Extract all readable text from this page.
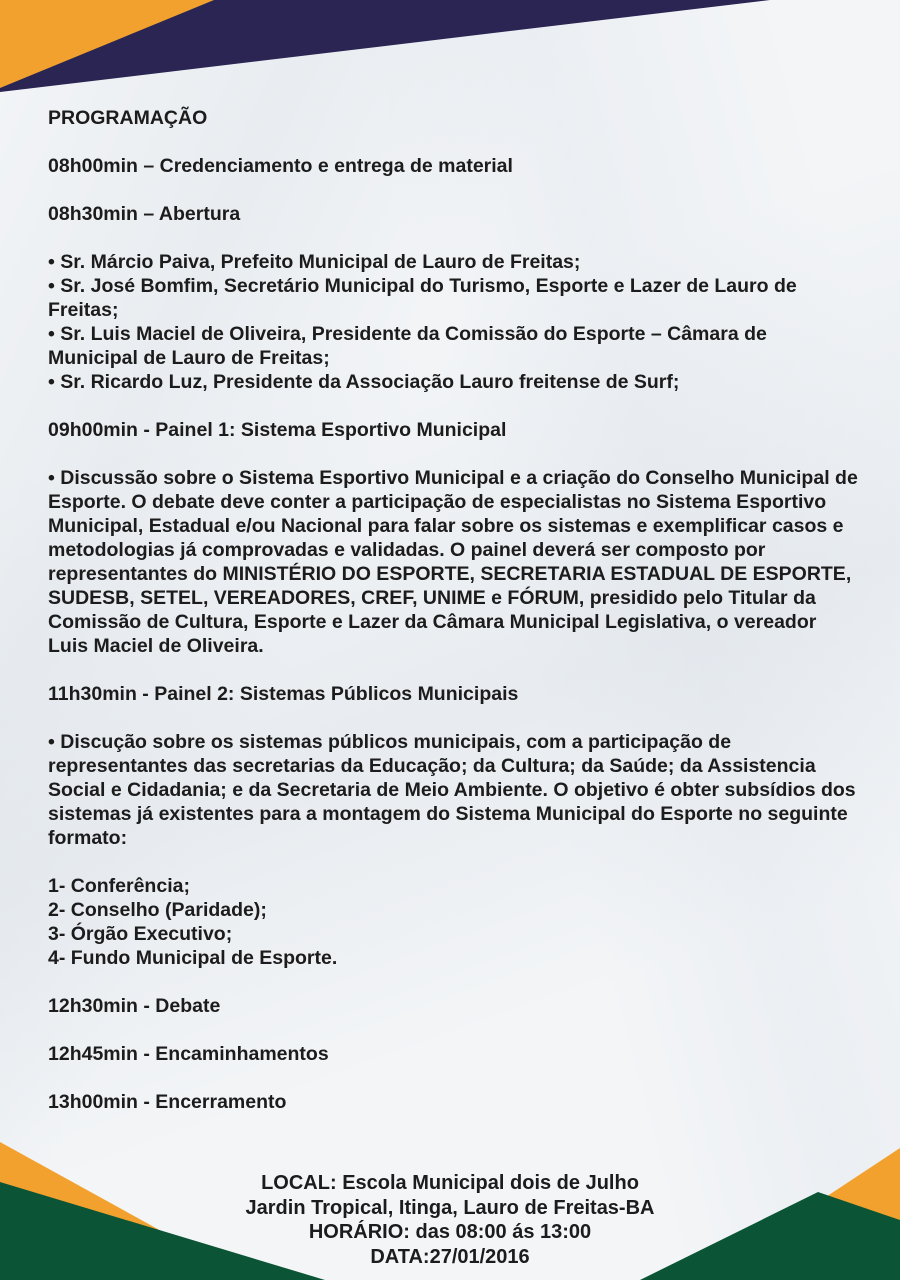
PROGRAMAÇÃO

08h00min – Credenciamento e entrega de material

08h30min – Abertura

• Sr. Márcio Paiva, Prefeito Municipal de Lauro de Freitas;

• Sr. José Bomfim, Secretário Municipal do Turismo, Esporte e Lazer de Lauro de Freitas;

• Sr. Luis Maciel de Oliveira, Presidente da Comissão do Esporte – Câmara de Municipal de Lauro de Freitas;

• Sr. Ricardo Luz, Presidente da Associação Lauro freitense de Surf;

09h00min - Painel 1: Sistema Esportivo Municipal

• Discussão sobre o Sistema Esportivo Municipal e a criação do Conselho Municipal de Esporte. O debate deve conter a participação de especialistas no Sistema Esportivo Municipal, Estadual e/ou Nacional para falar sobre os sistemas e exemplificar casos e metodologias já comprovadas e validadas. O painel deverá ser composto por representantes do MINISTÉRIO DO ESPORTE, SECRETARIA ESTADUAL DE ESPORTE, SUDESB, SETEL, VEREADORES, CREF, UNIME e FÓRUM, presidido pelo Titular da Comissão de Cultura, Esporte e Lazer da Câmara Municipal Legislativa, o vereador Luis Maciel de Oliveira.

11h30min - Painel 2: Sistemas Públicos Municipais

• Discução sobre os sistemas públicos municipais, com a participação de representantes das secretarias da Educação; da Cultura; da Saúde; da Assistencia Social e Cidadania; e da Secretaria de Meio Ambiente. O objetivo é obter subsídios dos sistemas já existentes para a montagem do Sistema Municipal do Esporte no seguinte formato:

1- Conferência;

2- Conselho (Paridade);

3- Órgão Executivo;

4- Fundo Municipal de Esporte.

12h30min - Debate

12h45min - Encaminhamentos

13h00min - Encerramento

LOCAL: Escola Municipal dois de Julho
Jardin Tropical, Itinga, Lauro de Freitas-BA
HORÁRIO: das 08:00 ás 13:00
DATA:27/01/2016
